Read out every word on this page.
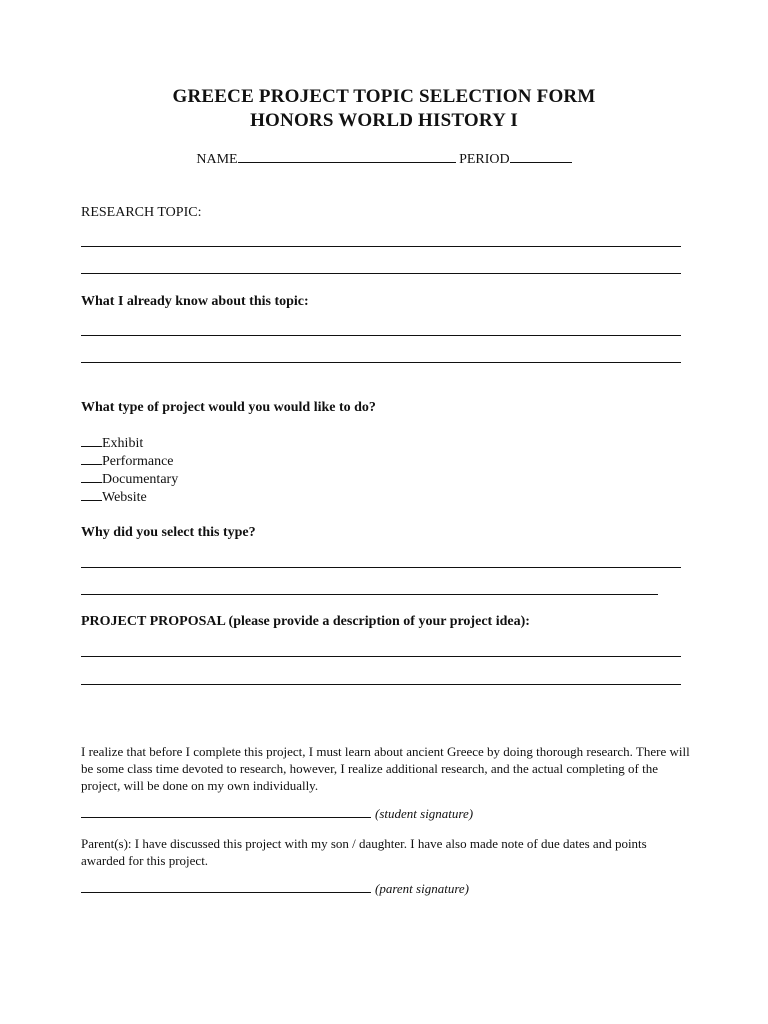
GREECE PROJECT TOPIC SELECTION FORM
HONORS WORLD HISTORY I
NAME	PERIOD
RESEARCH TOPIC:
What I already know about this topic:
What type of project would you would like to do?
Exhibit
Performance
Documentary
Website
Why did you select this type?
PROJECT PROPOSAL (please provide a description of your project idea):
I realize that before I complete this project, I must learn about ancient Greece by doing thorough research. There will be some class time devoted to research, however, I realize additional research, and the actual completing of the project, will be done on my own individually.
(student signature)
Parent(s): I have discussed this project with my son / daughter. I have also made note of due dates and points awarded for this project.
(parent signature)
